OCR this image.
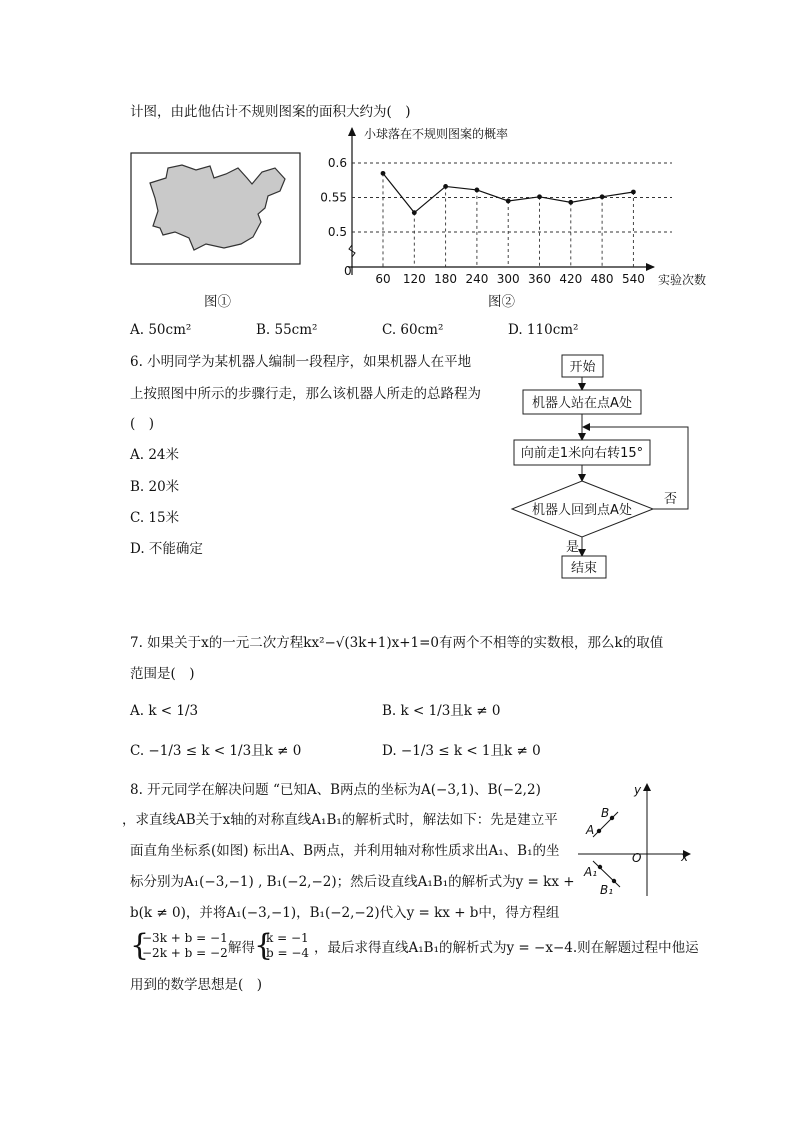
计图，由此他估计不规则图案的面积大约为(　)
0.5
0.55
0.6
60 120 180 240 300 360 420 480 540
0
小球落在不规则图案的概率
实验次数
图①	图②
A. 50cm²	B. 55cm²	C. 60cm²	D. 110cm²
6. 小明同学为某机器人编制一段程序，如果机器人在平地
上按照图中所示的步骤行走，那么该机器人所走的总路程为
(　)
A. 24米
B. 20米
C. 15米
D. 不能确定
开始
机器人站在点A处
向前走1米向右转15°
机器人回到点A处
否
是
结束
7. 如果关于x的一元二次方程kx²−√(3k+1)x+1=0有两个不相等的实数根，那么k的取值
范围是(　)
A. k < 1/3	B. k < 1/3且k ≠ 0
C. −1/3 ≤ k < 1/3且k ≠ 0	D. −1/3 ≤ k < 1且k ≠ 0
8. 开元同学在解决问题 “已知A、B两点的坐标为A(−3,1)、B(−2,2)
，求直线AB关于x轴的对称直线A₁B₁的解析式时，解法如下：先是建立平
面直角坐标系(如图) 标出A、B两点，并利用轴对称性质求出A₁、B₁的坐
标分别为A₁(−3,−1) , B₁(−2,−2)；然后设直线A₁B₁的解析式为y = kx +
b(k ≠ 0)，并将A₁(−3,−1)，B₁(−2,−2)代入y = kx + b中，得方程组
{
−3k + b = −1
−2k + b = −2 解得 {
k = −1
b = −4 ，最后求得直线A₁B₁的解析式为y = −x−4.则在解题过程中他运
用到的数学思想是(　)
y
x
O
A
B
A₁
B₁
